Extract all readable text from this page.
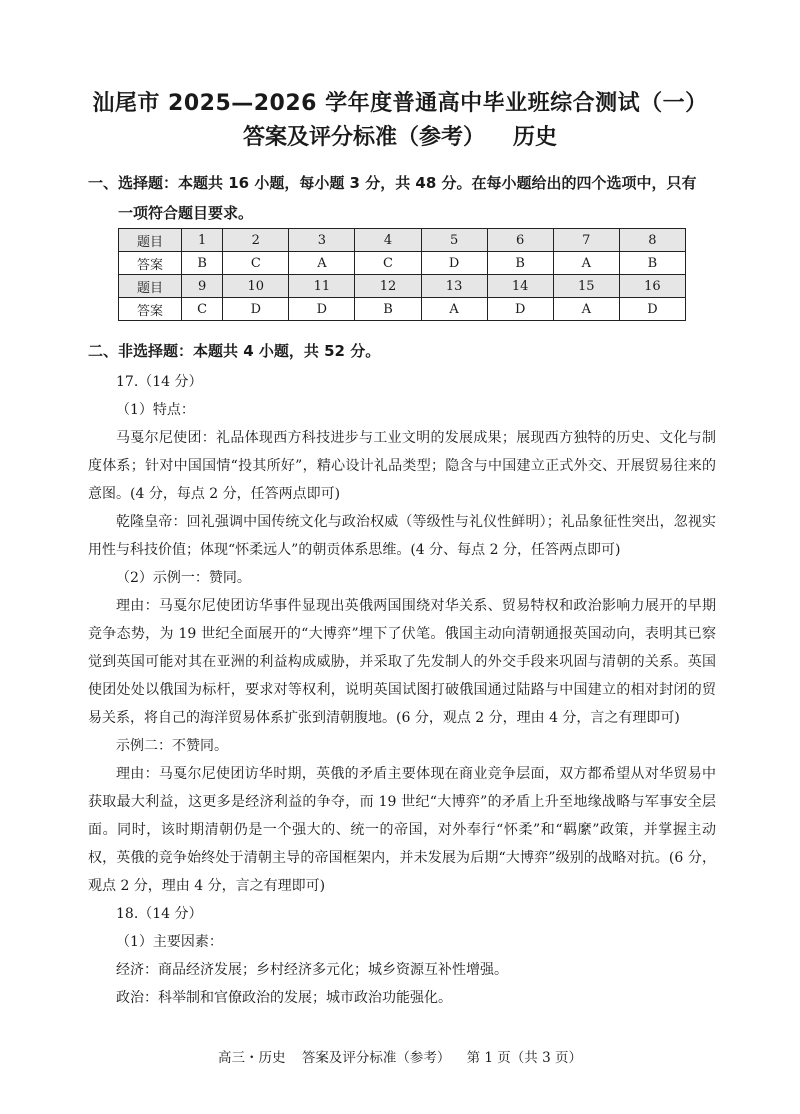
汕尾市 2025—2026 学年度普通高中毕业班综合测试（一）
答案及评分标准（参考） 历史
一、选择题：本题共 16 小题，每小题 3 分，共 48 分。在每小题给出的四个选项中，只有
一项符合题目要求。
题目	1	2	3	4	5	6	7	8
答案	B	C	A	C	D	B	A	B
题目	9	10	11	12	13	14	15	16
答案	C	D	D	B	A	D	A	D
二、非选择题：本题共 4 小题，共 52 分。

17.（14 分）

（1）特点：

马戛尔尼使团：礼品体现西方科技进步与工业文明的发展成果；展现西方独特的历史、文化与制度体系；针对中国国情“投其所好”，精心设计礼品类型；隐含与中国建立正式外交、开展贸易往来的意图。(4 分，每点 2 分，任答两点即可)

乾隆皇帝：回礼强调中国传统文化与政治权威（等级性与礼仪性鲜明）；礼品象征性突出，忽视实用性与科技价值；体现“怀柔远人”的朝贡体系思维。(4 分、每点 2 分，任答两点即可)

（2）示例一：赞同。

理由：马戛尔尼使团访华事件显现出英俄两国围绕对华关系、贸易特权和政治影响力展开的早期竞争态势，为 19 世纪全面展开的“大博弈”埋下了伏笔。俄国主动向清朝通报英国动向，表明其已察觉到英国可能对其在亚洲的利益构成威胁，并采取了先发制人的外交手段来巩固与清朝的关系。英国使团处处以俄国为标杆，要求对等权利，说明英国试图打破俄国通过陆路与中国建立的相对封闭的贸易关系，将自己的海洋贸易体系扩张到清朝腹地。(6 分，观点 2 分，理由 4 分，言之有理即可)

示例二：不赞同。

理由：马戛尔尼使团访华时期，英俄的矛盾主要体现在商业竞争层面，双方都希望从对华贸易中获取最大利益，这更多是经济利益的争夺，而 19 世纪“大博弈”的矛盾上升至地缘战略与军事安全层面。同时，该时期清朝仍是一个强大的、统一的帝国，对外奉行“怀柔”和“羁縻”政策，并掌握主动权，英俄的竞争始终处于清朝主导的帝国框架内，并未发展为后期“大博弈”级别的战略对抗。(6 分，观点 2 分，理由 4 分，言之有理即可)

18.（14 分）

（1）主要因素：

经济：商品经济发展；乡村经济多元化；城乡资源互补性增强。

政治：科举制和官僚政治的发展；城市政治功能强化。

高三・历史 答案及评分标准（参考） 第 1 页（共 3 页）
